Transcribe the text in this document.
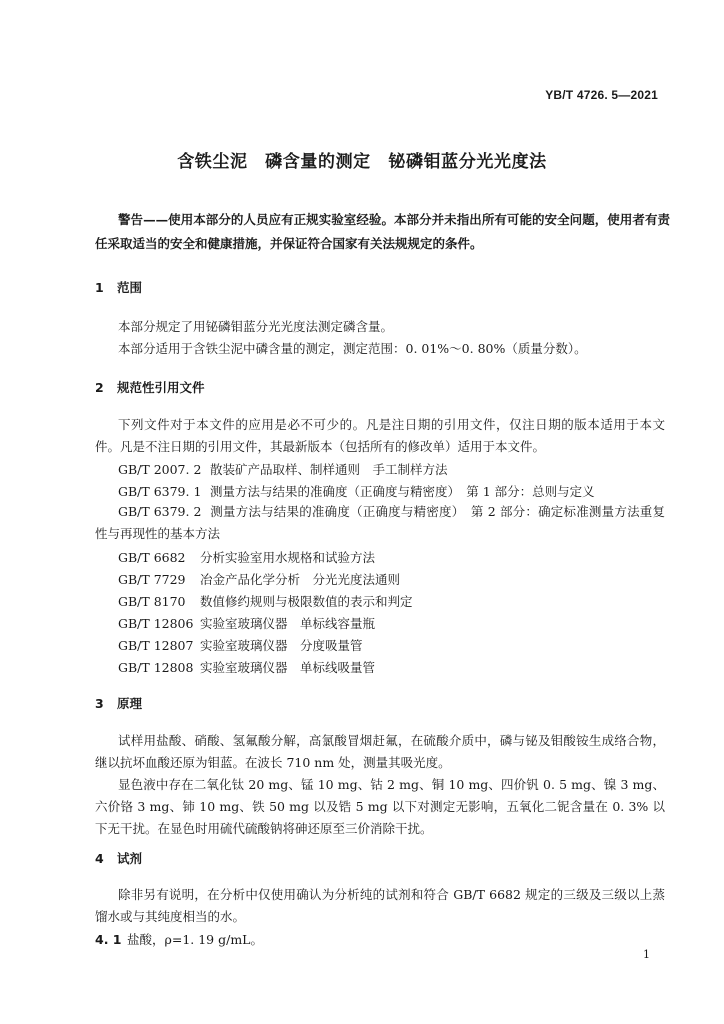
YB/T 4726. 5—2021
含铁尘泥　磷含量的测定　铋磷钼蓝分光光度法

警告——使用本部分的人员应有正规实验室经验。本部分并未指出所有可能的安全问题，使用者有责任采取适当的安全和健康措施，并保证符合国家有关法规规定的条件。

1 范围

本部分规定了用铋磷钼蓝分光光度法测定磷含量。

本部分适用于含铁尘泥中磷含量的测定，测定范围：0. 01%～0. 80%（质量分数）。

2 规范性引用文件

下列文件对于本文件的应用是必不可少的。凡是注日期的引用文件，仅注日期的版本适用于本文件。凡是不注日期的引用文件，其最新版本（包括所有的修改单）适用于本文件。

GB/T 2007. 2 散装矿产品取样、制样通则　手工制样方法
GB/T 6379. 1 测量方法与结果的准确度（正确度与精密度）　第 1 部分：总则与定义

GB/T 6379. 2 测量方法与结果的准确度（正确度与精密度）　第 2 部分：确定标准测量方法重复性与再现性的基本方法

GB/T 6682 分析实验室用水规格和试验方法
GB/T 7729 冶金产品化学分析　分光光度法通则
GB/T 8170 数值修约规则与极限数值的表示和判定
GB/T 12806 实验室玻璃仪器　单标线容量瓶
GB/T 12807 实验室玻璃仪器　分度吸量管
GB/T 12808 实验室玻璃仪器　单标线吸量管
3 原理

试样用盐酸、硝酸、氢氟酸分解，高氯酸冒烟赶氟，在硫酸介质中，磷与铋及钼酸铵生成络合物，继以抗坏血酸还原为钼蓝。在波长 710 nm 处，测量其吸光度。

显色液中存在二氧化钛 20 mg、锰 10 mg、钴 2 mg、铜 10 mg、四价钒 0. 5 mg、镍 3 mg、六价铬 3 mg、铈 10 mg、铁 50 mg 以及锆 5 mg 以下对测定无影响，五氧化二铌含量在 0. 3% 以下无干扰。在显色时用硫代硫酸钠将砷还原至三价消除干扰。

4 试剂

除非另有说明，在分析中仅使用确认为分析纯的试剂和符合 GB/T 6682 规定的三级及三级以上蒸馏水或与其纯度相当的水。

4. 1 盐酸，ρ=1. 19 g/mL。
1
